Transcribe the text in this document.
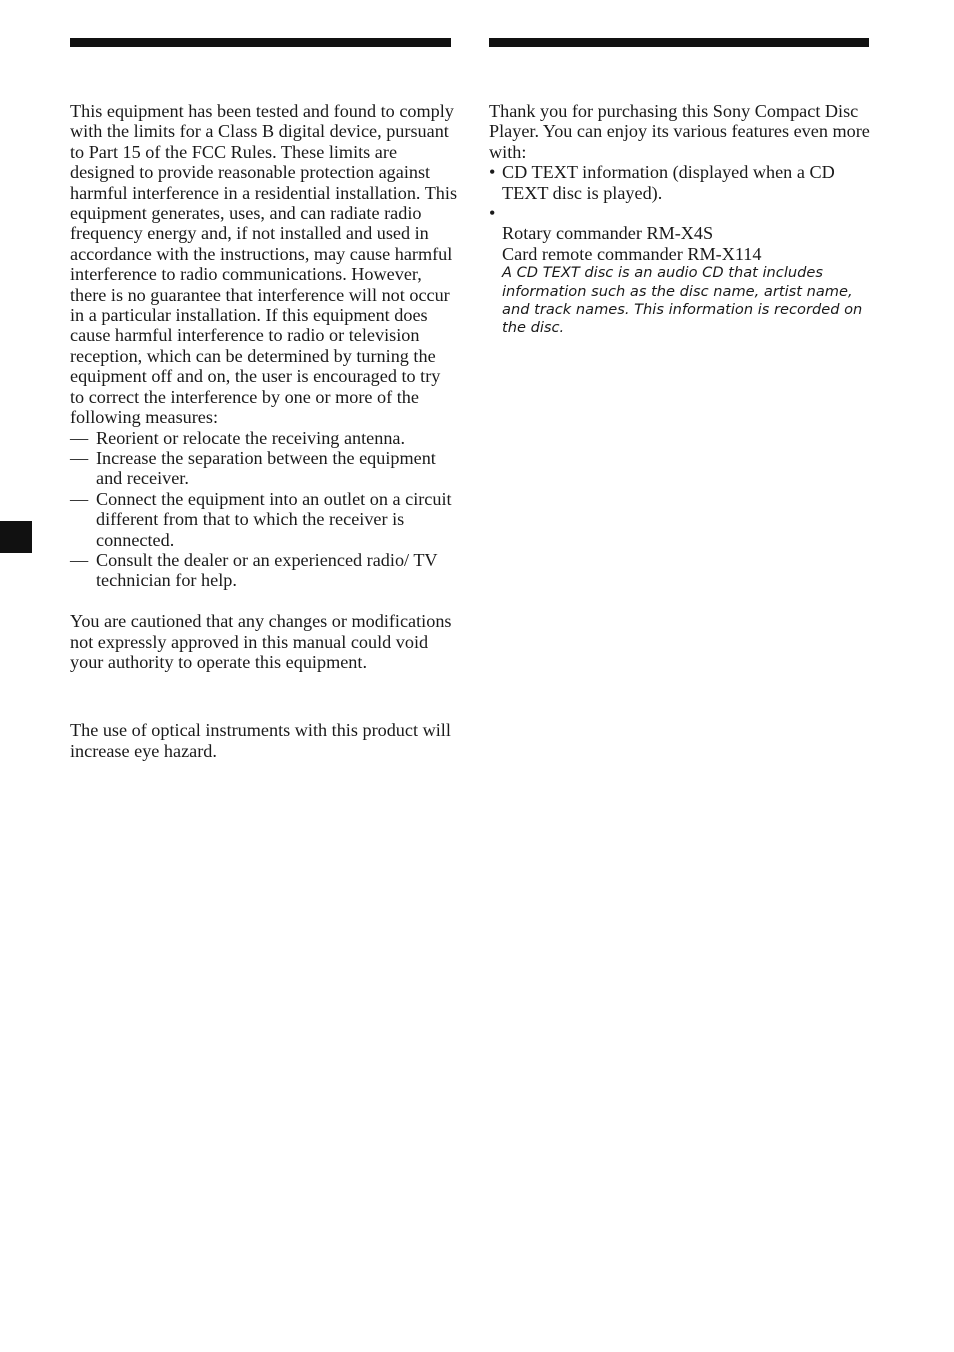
This equipment has been tested and found to comply with the limits for a Class B digital device, pursuant to Part 15 of the FCC Rules. These limits are designed to provide reasonable protection against harmful interference in a residential installation. This equipment generates, uses, and can radiate radio frequency energy and, if not installed and used in accordance with the instructions, may cause harmful interference to radio communications. However, there is no guarantee that interference will not occur in a particular installation. If this equipment does cause harmful interference to radio or television reception, which can be determined by turning the equipment off and on, the user is encouraged to try to correct the interference by one or more of the following measures:

— Reorient or relocate the receiving antenna.
— Increase the separation between the equipment and receiver.
— Connect the equipment into an outlet on a circuit different from that to which the receiver is connected.
— Consult the dealer or an experienced radio/ TV technician for help.

You are cautioned that any changes or modifications not expressly approved in this manual could void your authority to operate this equipment.

The use of optical instruments with this product will increase eye hazard.

Thank you for purchasing this Sony Compact Disc Player. You can enjoy its various features even more with:

• CD TEXT information (displayed when a CD TEXT disc is played).
•
Rotary commander RM-X4S
Card remote commander RM-X114

A CD TEXT disc is an audio CD that includes information such as the disc name, artist name, and track names. This information is recorded on the disc.
